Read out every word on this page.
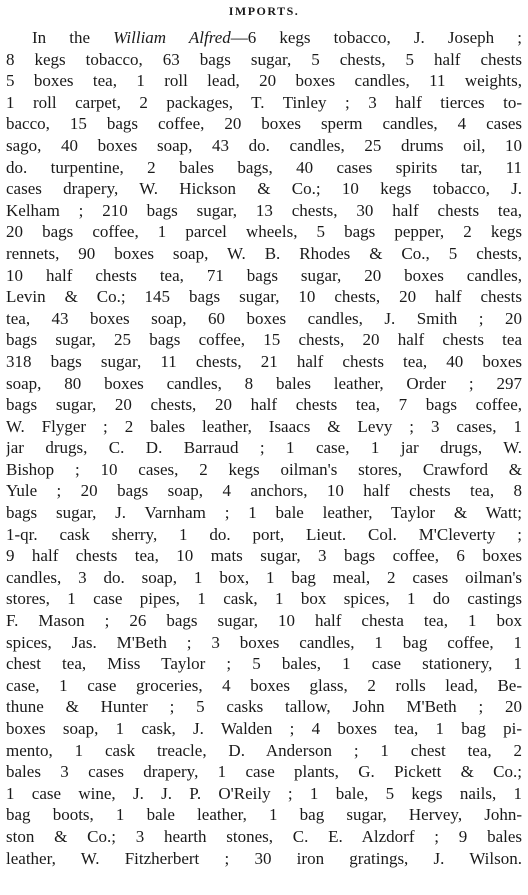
IMPORTS.
In the William Alfred—6 kegs tobacco, J. Joseph ;
8 kegs tobacco, 63 bags sugar, 5 chests, 5 half chests
5 boxes tea, 1 roll lead, 20 boxes candles, 11 weights,
1 roll carpet, 2 packages, T. Tinley ; 3 half tierces to-
bacco, 15 bags coffee, 20 boxes sperm candles, 4 cases
sago, 40 boxes soap, 43 do. candles, 25 drums oil, 10
do. turpentine, 2 bales bags, 40 cases spirits tar, 11
cases drapery, W. Hickson & Co.; 10 kegs tobacco, J.
Kelham ; 210 bags sugar, 13 chests, 30 half chests tea,
20 bags coffee, 1 parcel wheels, 5 bags pepper, 2 kegs
rennets, 90 boxes soap, W. B. Rhodes & Co., 5 chests,
10 half chests tea, 71 bags sugar, 20 boxes candles,
Levin & Co.; 145 bags sugar, 10 chests, 20 half chests
tea, 43 boxes soap, 60 boxes candles, J. Smith ; 20
bags sugar, 25 bags coffee, 15 chests, 20 half chests tea
318 bags sugar, 11 chests, 21 half chests tea, 40 boxes
soap, 80 boxes candles, 8 bales leather, Order ; 297
bags sugar, 20 chests, 20 half chests tea, 7 bags coffee,
W. Flyger ; 2 bales leather, Isaacs & Levy ; 3 cases, 1
jar drugs, C. D. Barraud ; 1 case, 1 jar drugs, W.
Bishop ; 10 cases, 2 kegs oilman's stores, Crawford &
Yule ; 20 bags soap, 4 anchors, 10 half chests tea, 8
bags sugar, J. Varnham ; 1 bale leather, Taylor & Watt;
1-qr. cask sherry, 1 do. port, Lieut. Col. M'Cleverty ;
9 half chests tea, 10 mats sugar, 3 bags coffee, 6 boxes
candles, 3 do. soap, 1 box, 1 bag meal, 2 cases oilman's
stores, 1 case pipes, 1 cask, 1 box spices, 1 do castings
F. Mason ; 26 bags sugar, 10 half chesta tea, 1 box
spices, Jas. M'Beth ; 3 boxes candles, 1 bag coffee, 1
chest tea, Miss Taylor ; 5 bales, 1 case stationery, 1
case, 1 case groceries, 4 boxes glass, 2 rolls lead, Be-
thune & Hunter ; 5 casks tallow, John M'Beth ; 20
boxes soap, 1 cask, J. Walden ; 4 boxes tea, 1 bag pi-
mento, 1 cask treacle, D. Anderson ; 1 chest tea, 2
bales 3 cases drapery, 1 case plants, G. Pickett & Co.;
1 case wine, J. J. P. O'Reily ; 1 bale, 5 kegs nails, 1
bag boots, 1 bale leather, 1 bag sugar, Hervey, John-
ston & Co.; 3 hearth stones, C. E. Alzdorf ; 9 bales
leather, W. Fitzherbert ; 30 iron gratings, J. Wilson.
